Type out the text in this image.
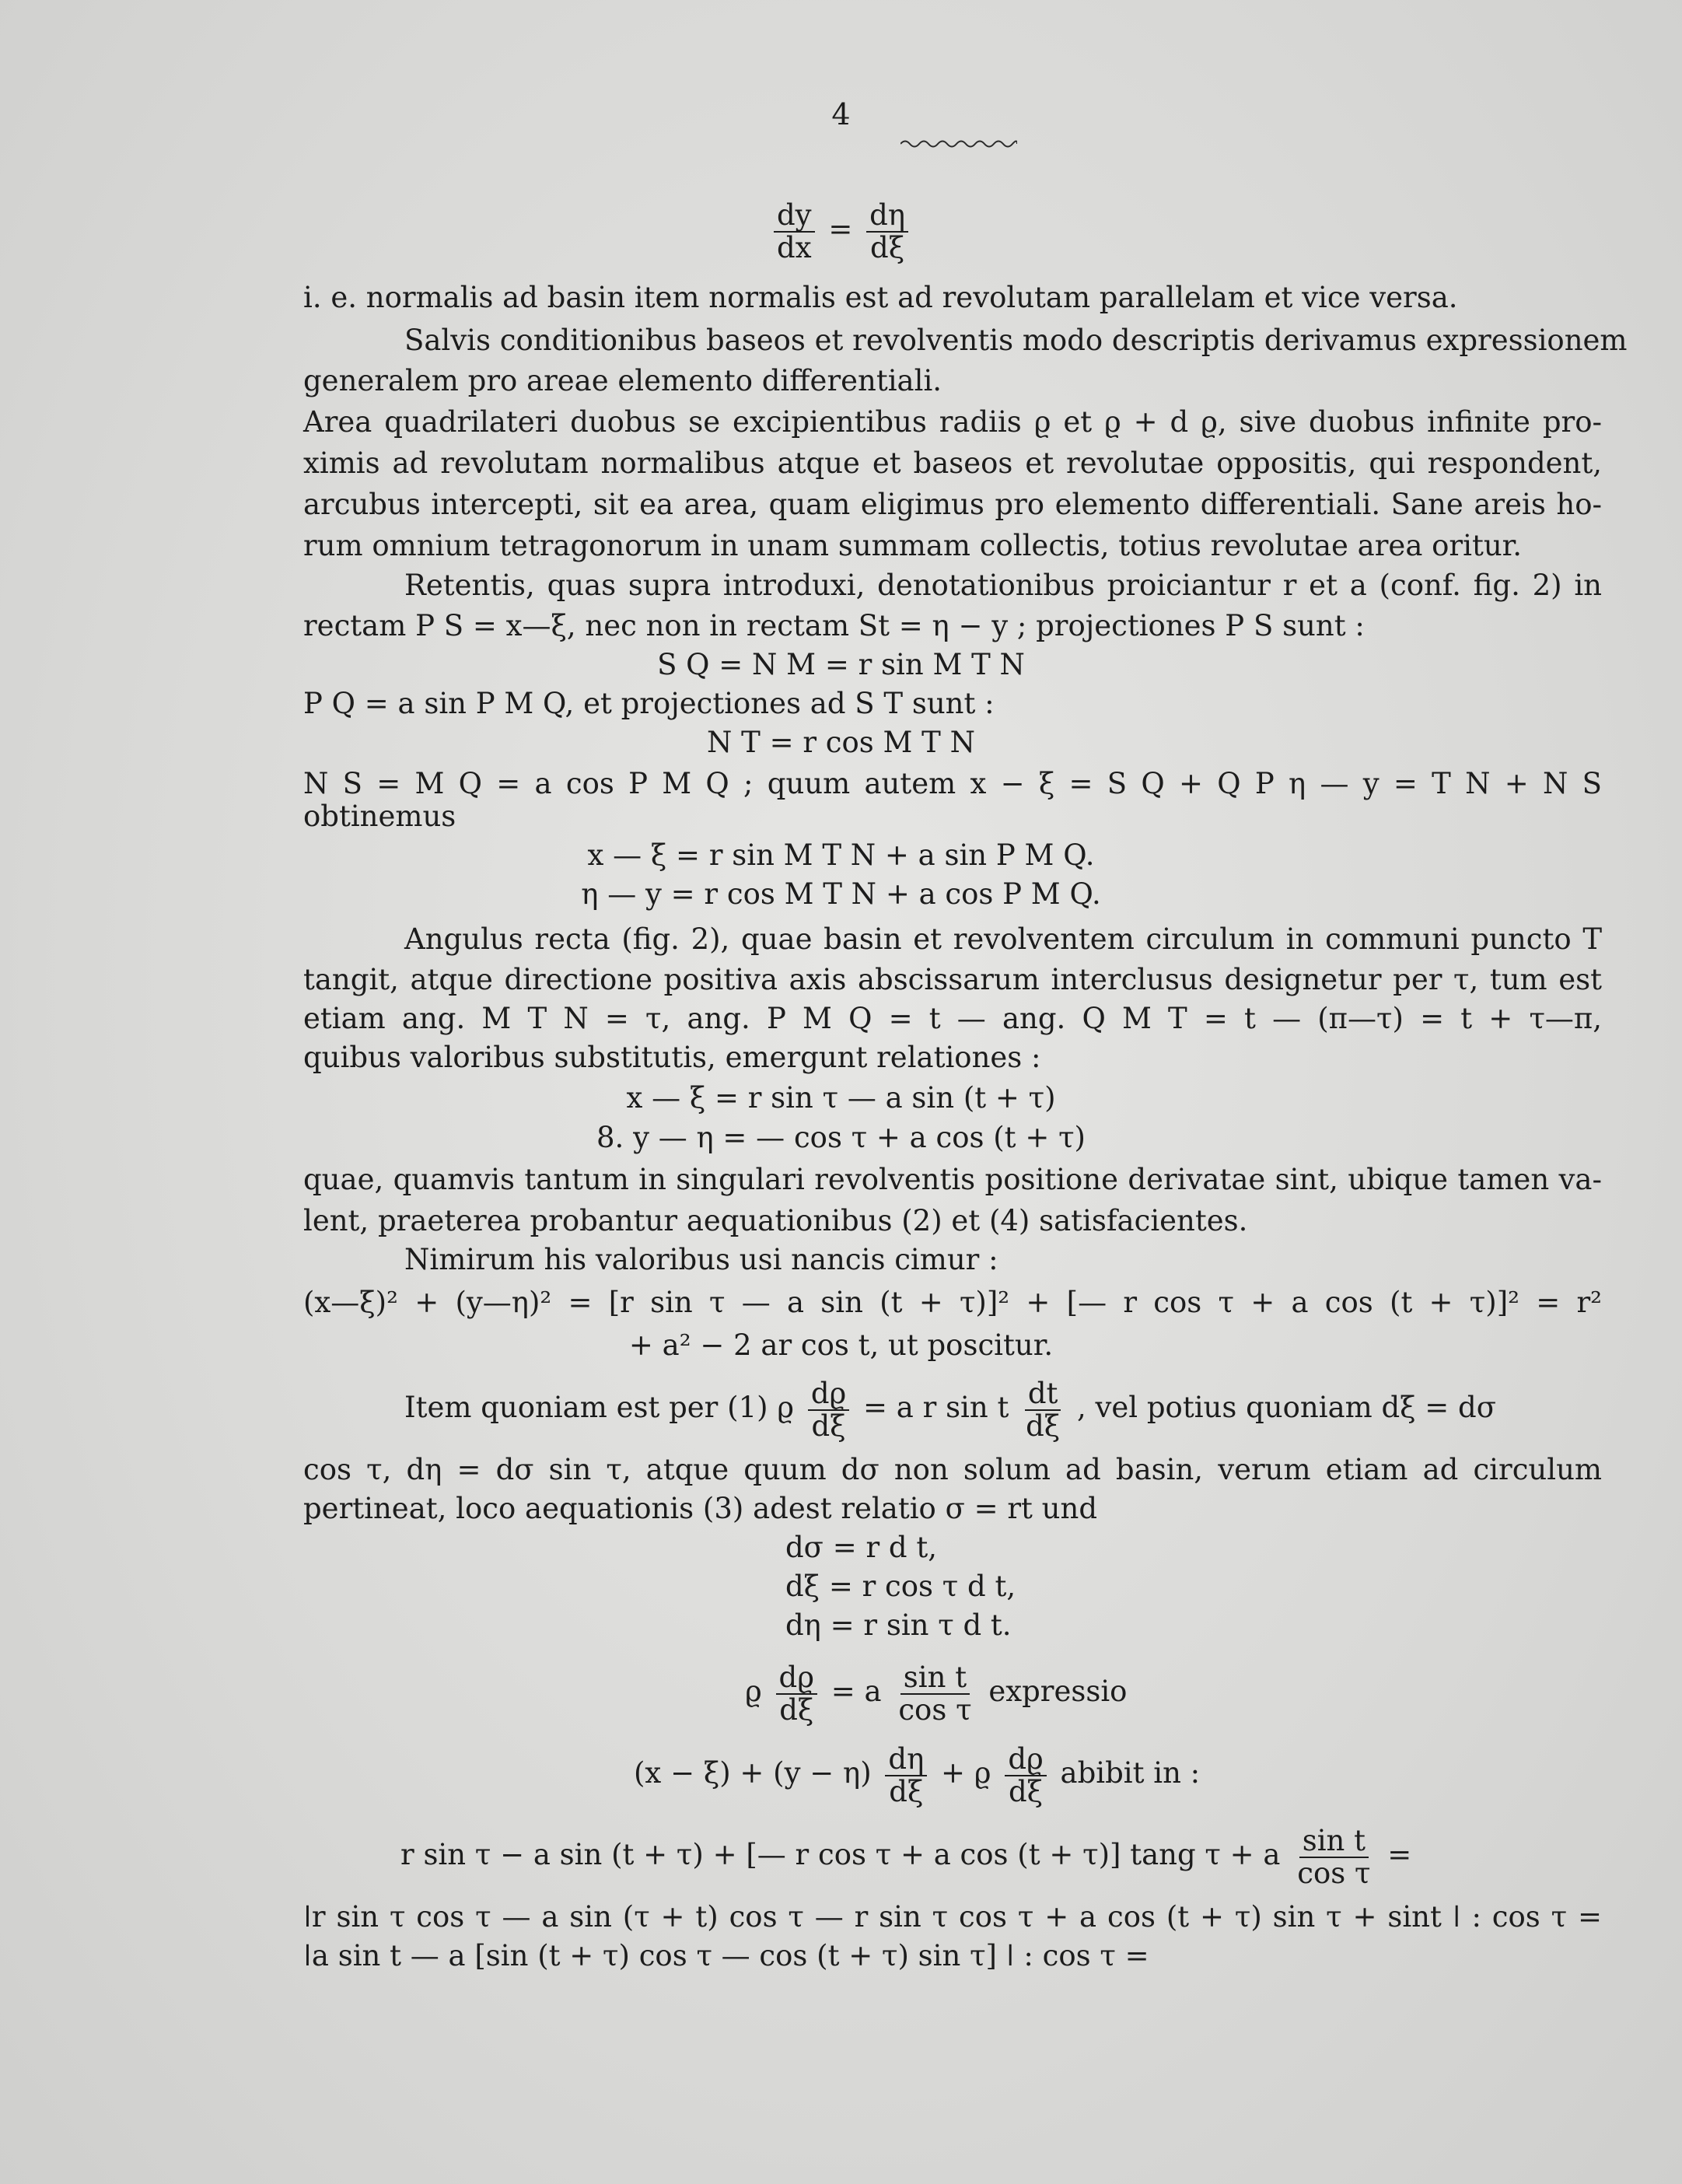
4
$\frac{dy}{dx} = \frac{d\eta}{d\xi}$
i. e. normalis ad basin item normalis est ad revolutam parallelam et vice versa.
Salvis conditionibus baseos et revolventis modo descriptis derivamus expressionem
generalem pro areae elemento differentiali.
Area quadrilateri duobus se excipientibus radiis ϱ et ϱ + d ϱ, sive duobus infinite pro-
ximis ad revolutam normalibus atque et baseos et revolutae oppositis, qui respondent,
arcubus intercepti, sit ea area, quam eligimus pro elemento differentiali. Sane areis ho-
rum omnium tetragonorum in unam summam collectis, totius revolutae area oritur.
Retentis, quas supra introduxi, denotationibus proiciantur r et a (conf. fig. 2) in
rectam P S = x—ξ, nec non in rectam St = η − y ; projectiones P S sunt :
S Q = N M = r sin M T N
P Q = a sin P M Q, et projectiones ad S T sunt :
N T = r cos M T N
N S = M Q = a cos P M Q ; quum autem x − ξ = S Q + Q P η — y = T N + N S
obtinemus
x — ξ = r sin M T N + a sin P M Q.
η — y = r cos M T N + a cos P M Q.
Angulus recta (fig. 2), quae basin et revolventem circulum in communi puncto T
tangit, atque directione positiva axis abscissarum interclusus designetur per τ, tum est
etiam ang. M T N = τ, ang. P M Q = t — ang. Q M T = t — (π—τ) = t + τ—π,
quibus valoribus substitutis, emergunt relationes :
x — ξ = r sin τ — a sin (t + τ)
8. y — η = — cos τ + a cos (t + τ)
quae, quamvis tantum in singulari revolventis positione derivatae sint, ubique tamen va-
lent, praeterea probantur aequationibus (2) et (4) satisfacientes.
Nimirum his valoribus usi nancis cimur :
(x—ξ)² + (y—η)² = [r sin τ — a sin (t + τ)]² + [— r cos τ + a cos (t + τ)]² = r²
+ a² − 2 ar cos t, ut poscitur.
Item quoniam est per (1) ϱ $\frac{dϱ}{d\xi} = a$ r sin t $\frac{dt}{d\xi}$ , vel potius quoniam dξ = dσ
cos τ, dη = dσ sin τ, atque quum dσ non solum ad basin, verum etiam ad circulum
pertineat, loco aequationis (3) adest relatio σ = rt und
dσ = r d t,
dξ = r cos τ d t,
dη = r sin τ d t.
ϱ $\frac{dϱ}{d\xi} = a \frac{\text{sin t}}{\text{cos τ}}$ expressio
$(x - \xi) + (y - \eta) \frac{d\eta}{d\xi} + ϱ \frac{dϱ}{d\xi}$ abibit in :
r sin τ − a sin (t + τ) + [— r cos τ + a cos (t + τ)] tang τ + a $\frac{\text{sin t}}{\text{cos τ}}$ =
ǀr sin τ cos τ — a sin (τ + t) cos τ — r sin τ cos τ + a cos (t + τ) sin τ + sint ǀ : cos τ =
ǀa sin t — a [sin (t + τ) cos τ — cos (t + τ) sin τ] ǀ : cos τ =
